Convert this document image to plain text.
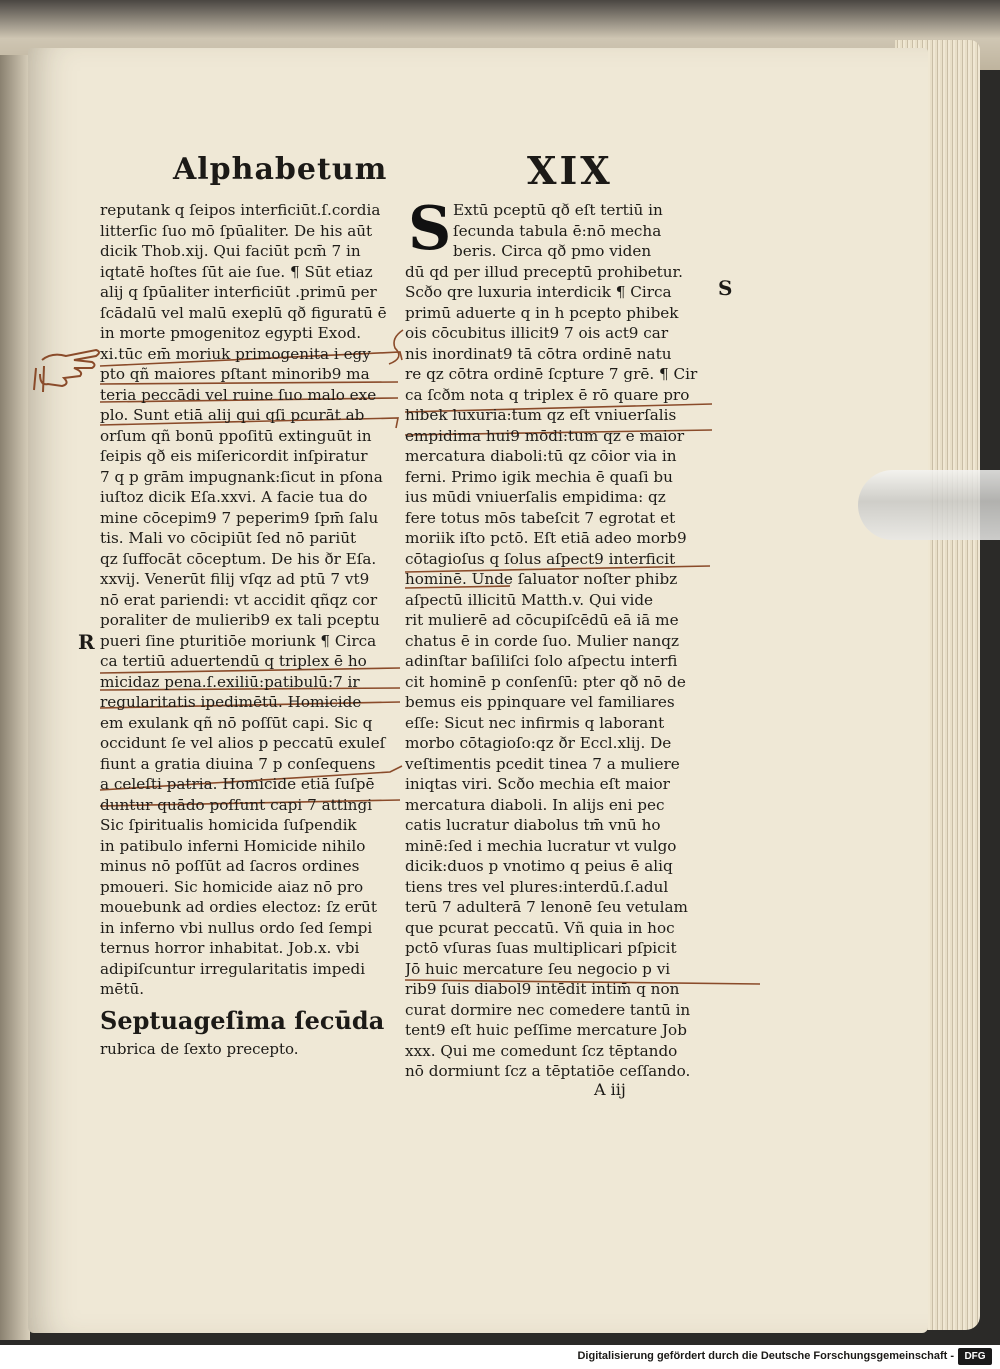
Alphabetum	XIX
reputank q ſeipos interficiūt.ſ.cordia
litterſic ſuo mō ſpūaliter. De his aūt
dicik Thob.xij. Qui faciūt pcm̄ 7 in
iqtatē hoſtes ſūt aie ſue. ¶ Sūt etiaz
alij q ſpūaliter interficiūt .primū per
ſcādalū vel malū exeplū qð figuratū ē
in morte pmogenitoz egypti Exod.
xi.tūc em̄ moriuk primogenita i egy
pto qñ maiores pſtant minorib9 ma
teria peccādi vel ruine ſuo malo exe
plo. Sunt etiā alij qui qſi pcurāt ab
orſum qñ bonū ppoſitū extinguūt in
ſeipis qð eis miſericordit inſpiratur
7 q p grām impugnank:ſicut in pſona
iuſtoz dicik Eſa.xxvi. A facie tua do
mine cōcepim9 7 peperim9 ſpm̄ ſalu
tis. Mali vo cōcipiūt ſed nō pariūt
qz ſuffocāt cōceptum. De his ðr Eſa.
xxvij. Venerūt filij vſqz ad ptū 7 vt9
nō erat pariendi: vt accidit qñqz cor
poraliter de mulierib9 ex tali pceptu
pueri ſine pturitiōe moriunk ¶ Circa
ca tertiū aduertendū q triplex ē ho
micidaz pena.ſ.exiliū:patibulū:7 ir
regularitatis ipedimētū. Homicide
em exulank qñ nō poſſūt capi. Sic q
occidunt ſe vel alios p peccatū exuleſ
fiunt a gratia diuina 7 p conſequens
a celeſti patria. Homicide etiā ſuſpē
duntur quādo poſſunt capi 7 attingi
Sic ſpiritualis homicida ſuſpendik
in patibulo inferni Homicide nihilo
minus nō poſſūt ad ſacros ordines
pmoueri. Sic homicide aiaz nō pro
mouebunk ad ordies electoz: ſz erūt
in inferno vbi nullus ordo ſed ſempi
ternus horror inhabitat. Job.x. vbi
adipiſcuntur irregularitatis impedi
mētū.
S Extū pceptū qð eſt tertiū in
ſecunda tabula ē:nō mecha
beris. Circa qð pmo viden
dū qd per illud preceptū prohibetur.
Scðo qre luxuria interdicik ¶ Circa
primū aduerte q in h pcepto phibek
ois cōcubitus illicit9 7 ois act9 car
nis inordinat9 tā cōtra ordinē natu
re qz cōtra ordinē ſcpture 7 grē. ¶ Cir
ca ſcðm nota q triplex ē rō quare pro
hibek luxuria:tum qz eſt vniuerſalis
empidima hui9 mōdi:tum qz e maior
mercatura diaboli:tū qz cōior via in
ferni. Primo igik mechia ē quaſi bu
ius mūdi vniuerſalis empidima: qz
fere totus mōs tabeſcit 7 egrotat et
moriik iſto pctō. Eſt etiā adeo morb9
cōtagioſus q ſolus aſpect9 interficit
hominē. Unde ſaluator noſter phibz
aſpectū illicitū Matth.v. Qui vide
rit mulierē ad cōcupiſcēdū eā iā me
chatus ē in corde ſuo. Mulier nanqz
adinſtar baſiliſci ſolo aſpectu interfi
cit hominē p conſenſū: pter qð nō de
bemus eis ppinquare vel familiares
eſſe: Sicut nec infirmis q laborant
morbo cōtagioſo:qz ðr Eccl.xlij. De
veſtimentis pcedit tinea 7 a muliere
iniqtas viri. Scðo mechia eſt maior
mercatura diaboli. In alijs eni pec
catis lucratur diabolus tm̄ vnū ho
minē:ſed i mechia lucratur vt vulgo
dicik:duos p vnotimo q peius ē aliq
tiens tres vel plures:interdū.ſ.adul
terū 7 adulterā 7 lenonē ſeu vetulam
que pcurat peccatū. Vñ quia in hoc
pctō vſuras ſuas multiplicari pſpicit
Jō huic mercature ſeu negocio p vi
rib9 ſuis diabol9 intēdit intim̄ q non
curat dormire nec comedere tantū in
tent9 eſt huic peſſime mercature Job
xxx. Qui me comedunt ſcz tēptando
nō dormiunt ſcz a tēptatiōe ceſſando.
R
S
Septuageſima ſecūda
rubrica de ſexto precepto.
A iij
Digitalisierung gefördert durch die Deutsche Forschungsgemeinschaft -	DFG
